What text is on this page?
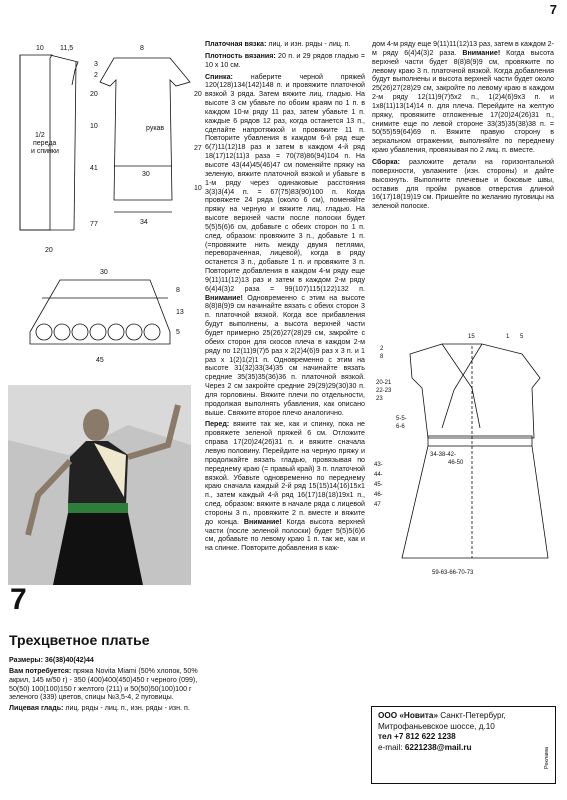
7
10 11,5
20
10
1/2
переда
и спинки
41
7
20
8
3
2
рукав
20
27
30
10
34
7
30
8
13
5
45
7
Трехцветное платье

Размеры: 36(38)40(42)44

Вам потребуется: пряжа Novita Miami (50% хлопок, 50% акрил, 145 м/50 г) - 350 (400)400(450)450 г черного (099), 50(50) 100(100)150 г желтого (211) и 50(50)50(100)100 г зеленого (339) цветов, спицы №3,5-4, 2 пуговицы.

Лицевая гладь: лиц. ряды - лиц. п., изн. ряды - изн. п.

Платочная вязка: лиц. и изн. ряды - лиц. п.

Плотность вязания: 20 п. и 29 рядов гладью = 10 х 10 см.

Спинка: наберите черной пряжей 120(128)134(142)148 п. и провяжите платочной вязкой 3 ряда. Затем вяжите лиц. гладью. На высоте 3 см убавьте по обоим краям по 1 п. в каждом 10-м ряду 11 раз, затем убавьте 1 п. каждые 6 рядов 12 раз, когда останется 13 п., сделайте напротяжкой и провяжите 11 п. Повторите убавления в каждом 6-й ряд еще 6(7)11(12)18 раз и затем в каждом 4-й ряд 18(17)12(11)3 раза = 70(78)86(94)104 п. На высоте 43(44)45(46)47 см поменяйте пряжу на зеленую, вяжите платочной вязкой и убавьте в 1-м ряду через одинаковые расстояния 3(3)3(4)4 п. = 67(75)83(90)100 п. Когда провяжете 24 ряда (около 6 см), поменяйте пряжу на черную и вяжите лиц. гладью. На высоте верхней части после полоски будет 5(5)5(6)6 см, добавьте с обеих сторон по 1 п. след. образом: провяжите 3 п., добавьте 1 п. (=провяжите нить между двумя петлями, перевораченная, лицевой), когда в ряду останется 3 п., добавьте 1 п. и провяжите 3 п. Повторите добавления в каждом 4-м ряду еще 9(11)11(12)13 раз и затем в каждом 2-м ряду 6(4)4(3)2 раза = 99(107)115(122)132 п. Внимание! Одновременно с этим на высоте 8(8)8(9)9 см начинайте вязать с обеих сторон 3 п. платочной вязкой. Когда все прибавления будут выполнены, а высота верхней части будет примерно 25(26)27(28)29 см, закройте с обеих сторон для скосов плеча в каждом 2-м ряду по 12(11)9(7)5 раз х 2(2)4(6)9 раз х 3 п. и 1 раз х 1(2)1(2)1 п. Одновременно с этим на высоте 31(32)33(34)35 см начинайте вязать средние 35(35)35(36)36 п. платочной вязкой. Через 2 см закройте средние 29(29)29(30)30 п. для горловины. Вяжите плечи по отдельности, продолжая выполнять убавления, как описано выше. Свяжите второе плечо аналогично.

Перед: вяжите так же, как и спинку, пока не провяжете зеленой пряжей 6 см. Отложите справа 17(20)24(26)31 п. и вяжите сначала левую половину. Перейдите на черную пряжу и продолжайте вязать гладью, провязывая по переднему краю (= правый край) 3 п. платочной вязкой. Убавьте одновременно по переднему краю сначала каждый 2-й ряд 15(15)14(16)15х1 п., затем каждый 4-й ряд 16(17)18(18)19х1 п., след. образом: вяжите в начале ряда с лицевой стороны 3 п., провяжите 2 п. вместе и вяжите до конца. Внимание! Когда высота верхней части (после зеленой полоски) будет 5(5)5(6)6 см, добавьте по левому краю 1 п. так же, как и на спинке. Повторите добавления в каж-

дом 4-м ряду еще 9(11)11(12)13 раз, затем в каждом 2-м ряду 6(4)4(3)2 раза. Внимание! Когда высота верхней части будет 8(8)8(9)9 см, провяжите по левому краю 3 п. платочной вязкой. Когда добавления будут выполнены и высота верхней части будет около 25(26)27(28)29 см, закройте по левому краю в каждом 2-м ряду 12(11)9(7)5х2 п., 1(2)4(6)9х3 п. и 1х8(11)13(14)14 п. для плеча. Перейдите на желтую пряжу, провяжите отложенные 17(20)24(26)31 п., снимите еще по левой стороне 33(35)35(38)38 п. = 50(55)59(64)69 п. Вяжите правую сторону в зеркальном отражении, выполняйте по переднему краю убавления, провязывая по 2 лиц. п. вместе.

Сборка: разложите детали на горизонтальной поверхности, увлажните (изн. стороны) и дайте высохнуть. Выполните плечевые и боковые швы, оставив для пройм рукавов отверстия длиной 16(17)18(19)19 см. Пришейте по желанию пуговицы на зеленой полоске.

15	1 5
2
8
20-21
22-23
23
5-5-
6-6
34-38-42-
46-50
43-
44-
45-
46-
47
59-63-66-70-73
ООО «Новита» Санкт-Петербург,
Митрофаньевское шоссе, д.10
тел +7 812 622 1238
e-mail: 6221238@mail.ru	Реклама
